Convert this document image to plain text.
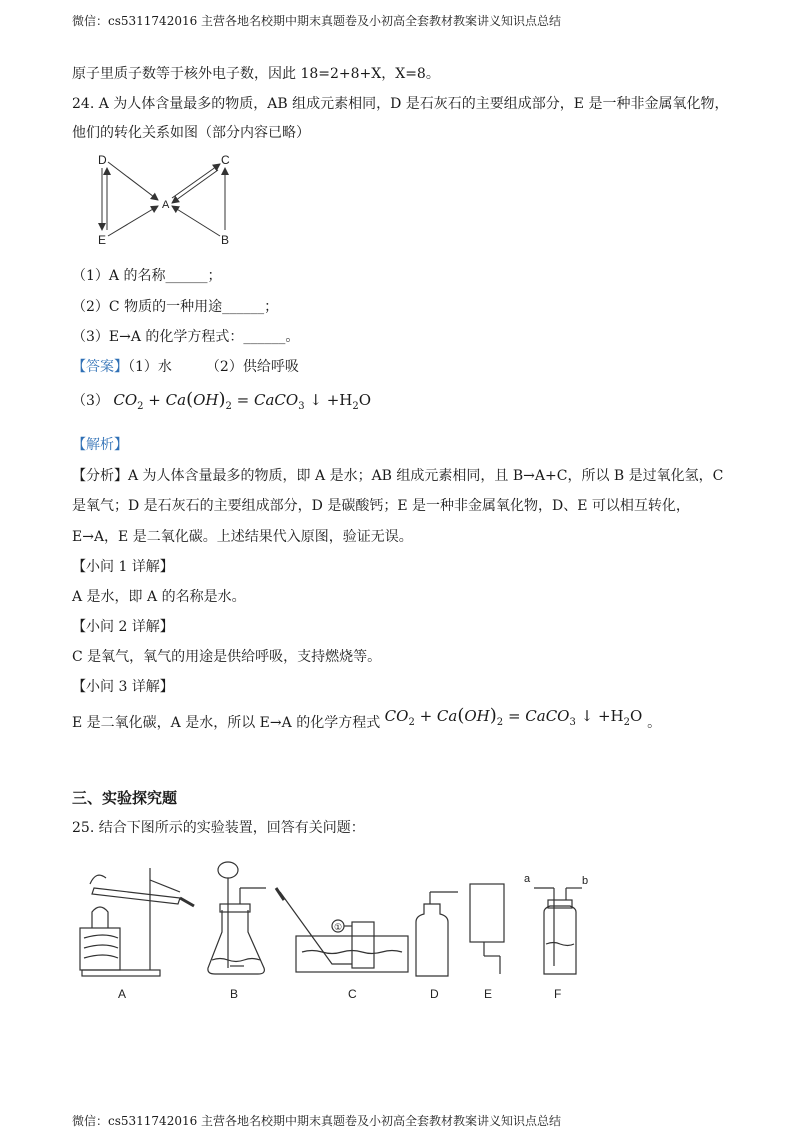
微信：cs5311742016 主营各地名校期中期末真题卷及小初高全套教材教案讲义知识点总结
原子里质子数等于核外电子数，因此 18=2+8+X，X=8。
24. A 为人体含量最多的物质，AB 组成元素相同，D 是石灰石的主要组成部分，E 是一种非金属氧化物，
他们的转化关系如图（部分内容已略）
D	C
A
E	B
（1）A 的名称______；
（2）C 物质的一种用途______；
（3）E→A 的化学方程式：______。
【答案】（1）水 （2）供给呼吸
（3） $CO_2 + Ca(OH)_2$ = CaCO$_3$ ↓ $+H_2O$
【解析】
【分析】A 为人体含量最多的物质，即 A 是水；AB 组成元素相同，且 B→A+C，所以 B 是过氧化氢，C
是氧气；D 是石灰石的主要组成部分，D 是碳酸钙；E 是一种非金属氧化物，D、E 可以相互转化，
E→A，E 是二氧化碳。上述结果代入原图，验证无误。
【小问 1 详解】
A 是水，即 A 的名称是水。
【小问 2 详解】
C 是氧气，氧气的用途是供给呼吸，支持燃烧等。
【小问 3 详解】
E 是二氧化碳，A 是水，所以 E→A 的化学方程式 $CO_2 + Ca(OH)_2$ = CaCO$_3$ ↓ $+H_2O$ 。
三、实验探究题
25. 结合下图所示的实验装置，回答有关问题：
①
a	b
A	B	C	D	E	F
微信：cs5311742016 主营各地名校期中期末真题卷及小初高全套教材教案讲义知识点总结
